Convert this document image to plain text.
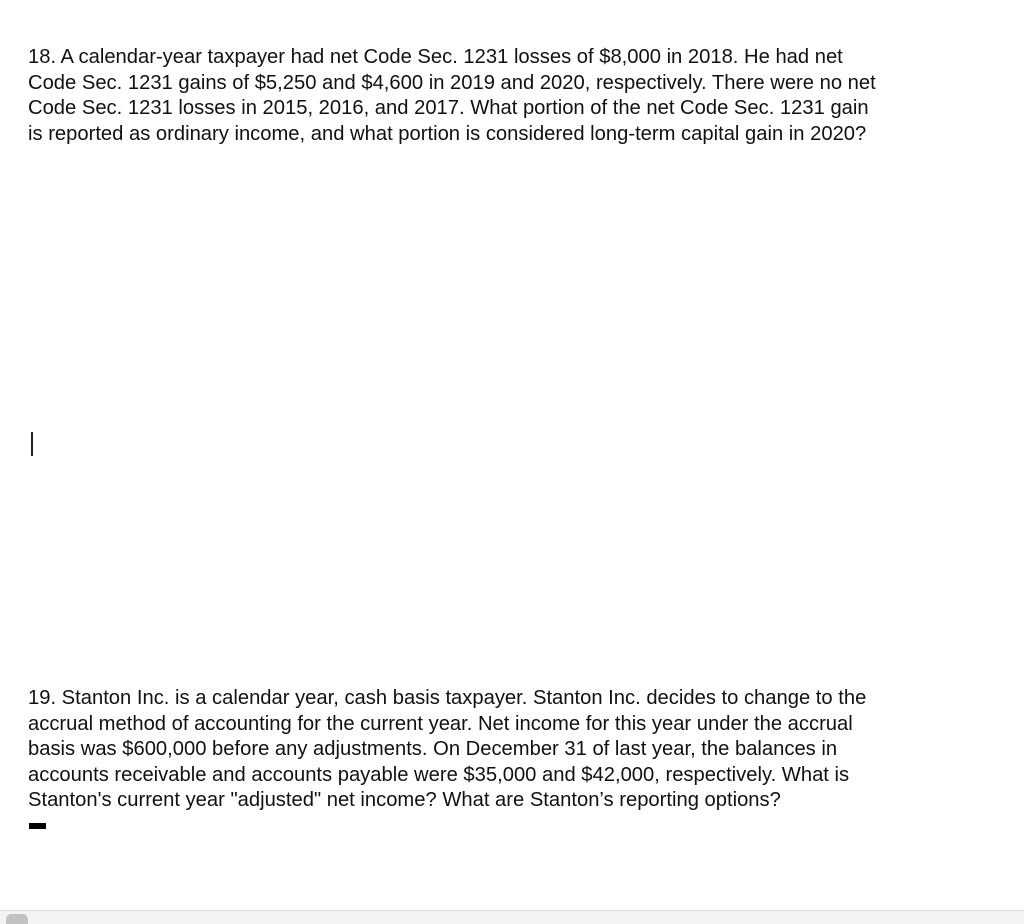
18. A calendar-year taxpayer had net Code Sec. 1231 losses of $8,000 in 2018. He had net
Code Sec. 1231 gains of $5,250 and $4,600 in 2019 and 2020, respectively. There were no net
Code Sec. 1231 losses in 2015, 2016, and 2017. What portion of the net Code Sec. 1231 gain
is reported as ordinary income, and what portion is considered long-term capital gain in 2020?
19. Stanton Inc. is a calendar year, cash basis taxpayer. Stanton Inc. decides to change to the
accrual method of accounting for the current year. Net income for this year under the accrual
basis was $600,000 before any adjustments. On December 31 of last year, the balances in
accounts receivable and accounts payable were $35,000 and $42,000, respectively. What is
Stanton's current year "adjusted" net income? What are Stanton’s reporting options?
